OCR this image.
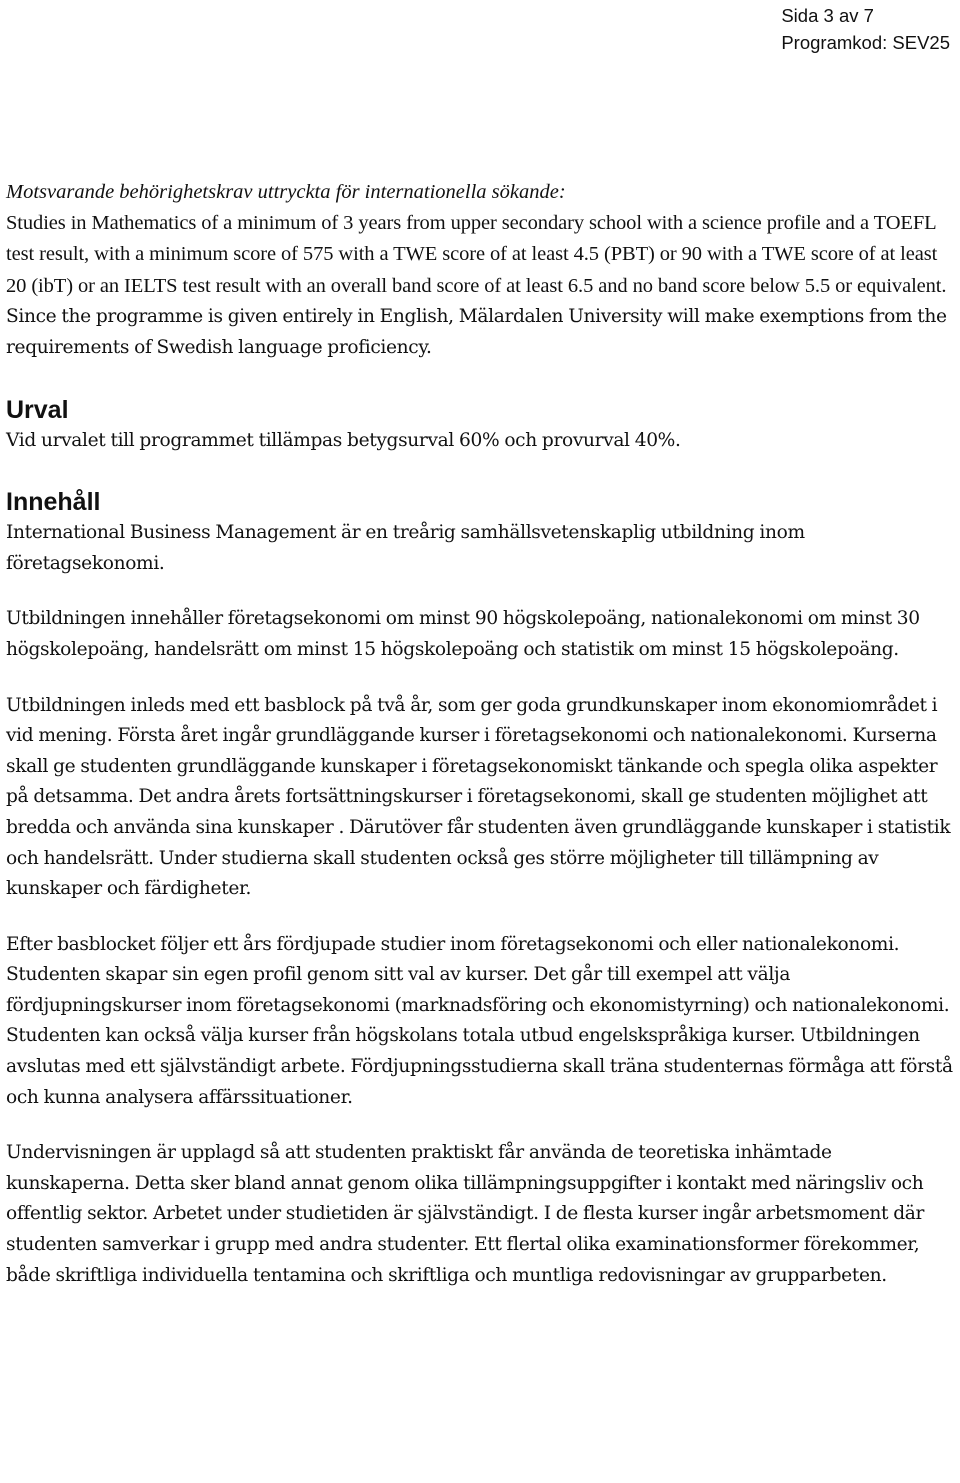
Sida 3 av 7
Programkod: SEV25

Motsvarande behörighetskrav uttryckta för internationella sökande:
Studies in Mathematics of a minimum of 3 years from upper secondary school with a science profile and a TOEFL test result, with a minimum score of 575 with a TWE score of at least 4.5 (PBT) or 90 with a TWE score of at least 20 (ibT) or an IELTS test result with an overall band score of at least 6.5 and no band score below 5.5 or equivalent. Since the programme is given entirely in English, Mälardalen University will make exemptions from the requirements of Swedish language proficiency.

Urval

Vid urvalet till programmet tillämpas betygsurval 60% och provurval 40%.

Innehåll

International Business Management är en treårig samhällsvetenskaplig utbildning inom företagsekonomi.

Utbildningen innehåller företagsekonomi om minst 90 högskolepoäng, nationalekonomi om minst 30 högskolepoäng, handelsrätt om minst 15 högskolepoäng och statistik om minst 15 högskolepoäng.

Utbildningen inleds med ett basblock på två år, som ger goda grundkunskaper inom ekonomiområdet i vid mening. Första året ingår grundläggande kurser i företagsekonomi och nationalekonomi. Kurserna skall ge studenten grundläggande kunskaper i företagsekonomiskt tänkande och spegla olika aspekter på detsamma. Det andra årets fortsättningskurser i företagsekonomi, skall ge studenten möjlighet att bredda och använda sina kunskaper . Därutöver får studenten även grundläggande kunskaper i statistik och handelsrätt. Under studierna skall studenten också ges större möjligheter till tillämpning av kunskaper och färdigheter.

Efter basblocket följer ett års fördjupade studier inom företagsekonomi och eller nationalekonomi. Studenten skapar sin egen profil genom sitt val av kurser. Det går till exempel att välja fördjupningskurser inom företagsekonomi (marknadsföring och ekonomistyrning) och nationalekonomi. Studenten kan också välja kurser från högskolans totala utbud engelskspråkiga kurser. Utbildningen avslutas med ett självständigt arbete. Fördjupningsstudierna skall träna studenternas förmåga att förstå och kunna analysera affärssituationer.

Undervisningen är upplagd så att studenten praktiskt får använda de teoretiska inhämtade kunskaperna. Detta sker bland annat genom olika tillämpningsuppgifter i kontakt med näringsliv och offentlig sektor. Arbetet under studietiden är självständigt. I de flesta kurser ingår arbetsmoment där studenten samverkar i grupp med andra studenter. Ett flertal olika examinationsformer förekommer, både skriftliga individuella tentamina och skriftliga och muntliga redovisningar av grupparbeten.
